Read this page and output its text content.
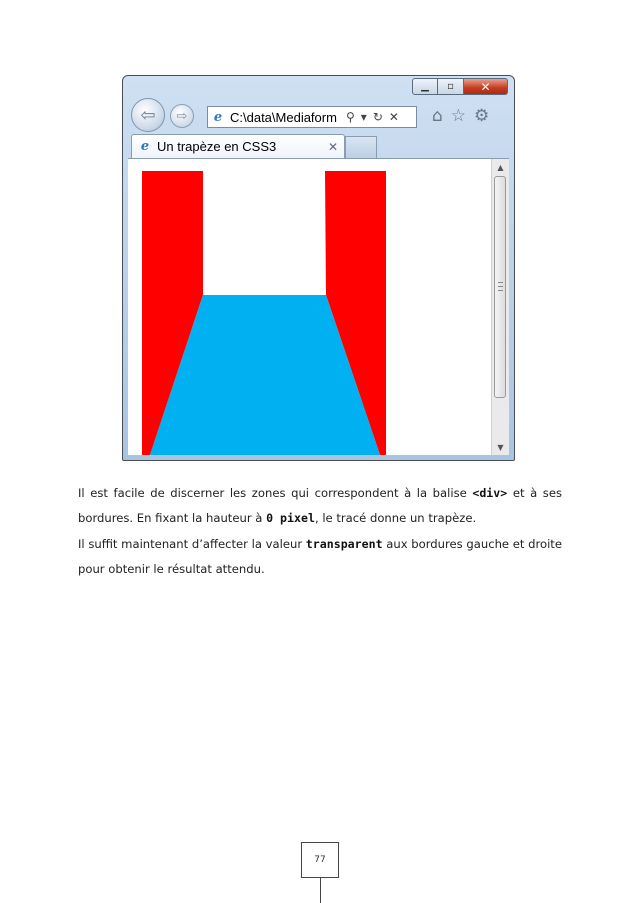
▁	▫	✕
⇦ ⇨ e C:\data\Mediaform ⚲ ▾ ↻ ✕ ⌂ ☆ ⚙
e Un trapèze en CSS3	✕
▲
▼

Il est facile de discerner les zones qui correspondent à la balise <div> et à ses bordures. En fixant la hauteur à 0 pixel, le tracé donne un trapèze.

Il suffit maintenant d’affecter la valeur transparent aux bordures gauche et droite pour obtenir le résultat attendu.

77
